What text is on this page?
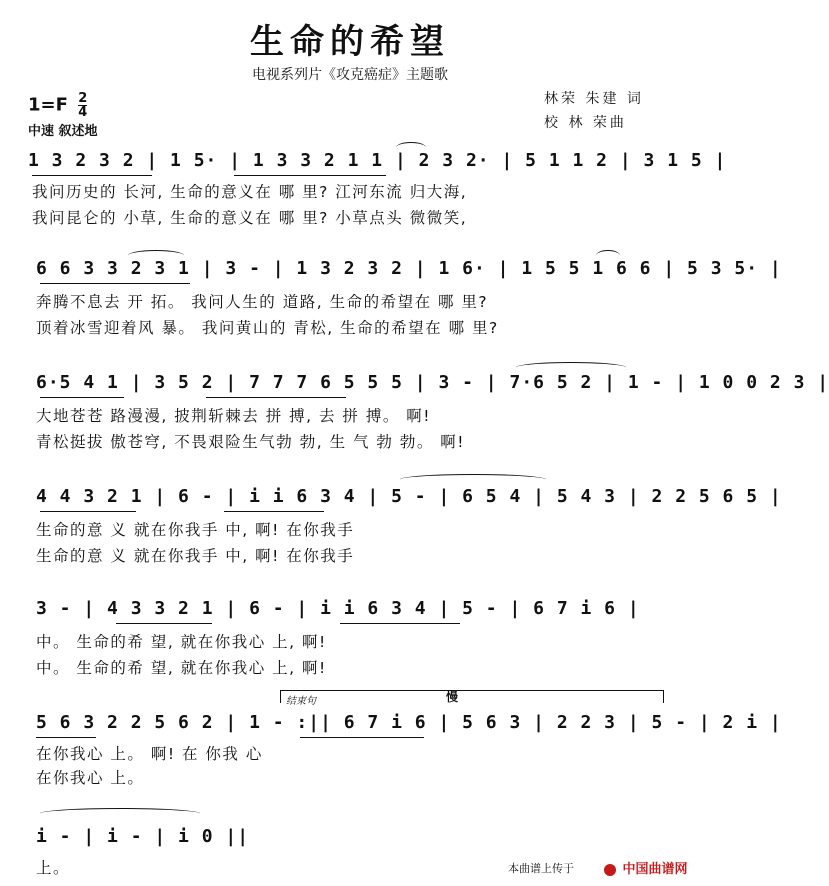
生命的希望
电视系列片《攻克癌症》主题歌
林荣 朱建 词
校 林 荣曲
$1=F \frac{2}{4}$
中速 叙述地
1 3 2 3 2 | 1 5· | 1 3 3 2 1 1 | 2 3 2· | 5 1 1 2 | 3 1 5 |
我问历史的 长河, 生命的意义在 哪 里? 江河东流 归大海,
我问昆仑的 小草, 生命的意义在 哪 里? 小草点头 微微笑,
6 6 3 3 2 3 1 | 3 - | 1 3 2 3 2 | 1 6· | 1 5 5 1 6 6 | 5 3 5· |
奔腾不息去 开 拓。 我问人生的 道路, 生命的希望在 哪 里?
顶着冰雪迎着风 暴。 我问黄山的 青松, 生命的希望在 哪 里?
6·5 4 1 | 3 5 2 | 7 7 7 6 5 5 5 | 3 - | 7·6 5 2 | 1 - | 1 0 0 2 3 |
大地苍苍 路漫漫, 披荆斩棘去 拼 搏, 去 拼 搏。 啊!
青松挺拔 傲苍穹, 不畏艰险生气勃 勃, 生 气 勃 勃。 啊!
4 4 3 2 1 | 6 - | i i 6 3 4 | 5 - | 6 5 4 | 5 4 3 | 2 2 5 6 5 |
生命的意 义 就在你我手 中, 啊! 在你我手
生命的意 义 就在你我手 中, 啊! 在你我手
3 - | 4 3 3 2 1 | 6 - | i i 6 3 4 | 5 - | 6 7 i 6 |
中。 生命的希 望, 就在你我心 上, 啊!
中。 生命的希 望, 就在你我心 上, 啊!
结束句	慢
5 6 3 2 2 5 6 2 | 1 - :|| 6 7 i 6 | 5 6 3 | 2 2 3 | 5 - | 2 i |
在你我心 上。 啊! 在 你我 心
在你我心 上。
i - | i - | i 0 ||
上。	本曲谱上传于	中国曲谱网
